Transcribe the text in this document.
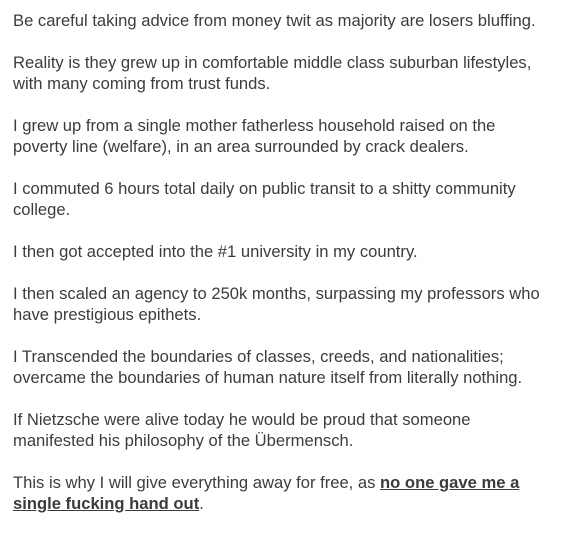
Be careful taking advice from money twit as majority are losers bluffing.

Reality is they grew up in comfortable middle class suburban lifestyles, with many coming from trust funds.

I grew up from a single mother fatherless household raised on the poverty line (welfare), in an area surrounded by crack dealers.

I commuted 6 hours total daily on public transit to a shitty community college.

I then got accepted into the #1 university in my country.

I then scaled an agency to 250k months, surpassing my professors who have prestigious epithets.

I Transcended the boundaries of classes, creeds, and nationalities; overcame the boundaries of human nature itself from literally nothing.

If Nietzsche were alive today he would be proud that someone manifested his philosophy of the Übermensch.

This is why I will give everything away for free, as no one gave me a single fucking hand out.
